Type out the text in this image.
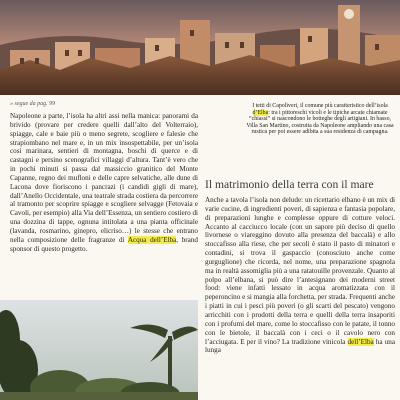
» segue da pag. 99

Napoleone a parte, l’isola ha altri assi nella manica: panorami da brivido (provare per credere quelli dall’alto del Volterraio), spiagge, cale e baie più o meno segrete, scogliere e falesie che strapiombano nel mare e, in un mix insospettabile, per un’isola così marinara, sentieri di montagna, boschi di querce e di castagni e persino scenografici villaggi d’altura. Tant’è vero che in pochi minuti si passa dal massiccio granitico del Monte Capanne, regno dei mufloni e delle capre selvatiche, alle dune di Lacona dove fioriscono i pancrazi (i candidi gigli di mare), dall’Anello Occidentale, una teatrale strada costiera da percorrere al tramonto per scoprire spiagge e scogliere selvagge (Fetovaia e Cavoli, per esempio) alla Via dell’Essenza, un sentiero costiero di una dozzina di tappe, ognuna intitolata a una pianta officinale (lavanda, rosmarino, ginepro, elicriso…) le stesse che entrano nella composizione delle fragranze di Acqua dell’Elba, brand sponsor di questo progetto.

I tetti di Capoliveri, il comune più caratteristico dell’isola d’Elba: tra i pittoreschi vicoli e le tipiche arcate chiamate “chiassi” si nascondono le botteghe degli artigiani. In basso, Villa San Martino, costruita da Napoleone ampliando una casa rustica per poi essere adibita a sua residenza di campagna.
Il matrimonio della terra con il mare

Anche a tavola l’isola non delude: un ricettario elbano è un mix di varie cucine, di ingredienti poveri, di sapienza e fantasia popolare, di preparazioni lunghe e complesse oppure di cotture veloci. Accanto al cacciucco locale (con un sapore più deciso di quello livornese o viareggino dovuto alla presenza del baccalà) e allo stoccafisso alla riese, che per secoli è stato il pasto di minatori e contadini, si trova il gaspaccio (conosciuto anche come gurguglione) che ricorda, nel nome, una preparazione spagnola ma in realtà assomiglia più a una ratatouille provenzale. Quanto al polpo all’elbana, si può dire l’antesignano dei moderni street food: viene infatti lessato in acqua aromatizzata con il peperoncino e si mangia alla forchetta, per strada. Frequenti anche i piatti in cui i pesci più poveri (o gli scarti del pescato) vengono arricchiti con i prodotti della terra e quelli della terra insaporiti con i profumi del mare, come lo stoccafisso con le patate, il tonno con le bietole, il baccalà con i ceci o il cavolo nero con l’acciugata. E per il vino? La tradizione vinicola dell’Elba ha una lunga
